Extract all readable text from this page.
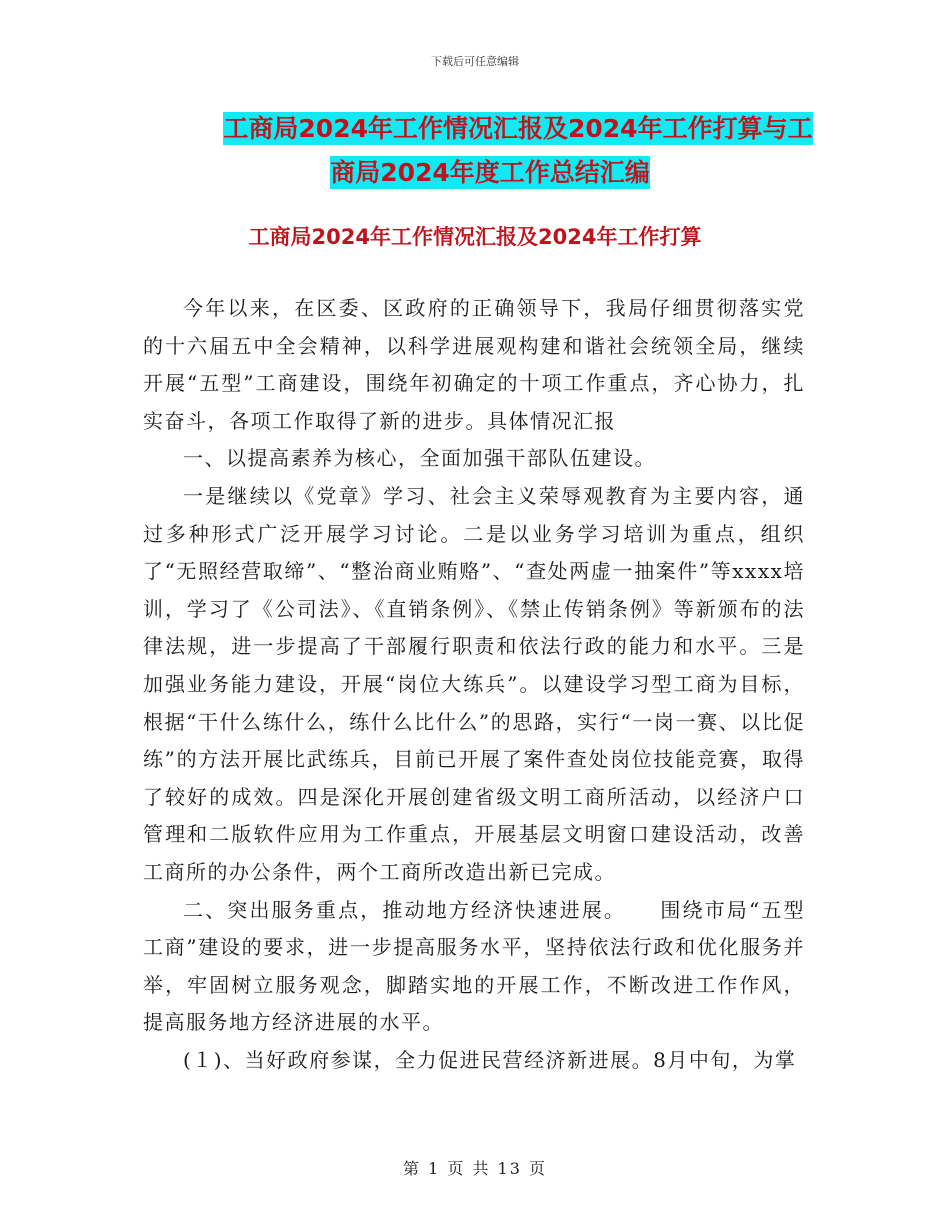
下载后可任意编辑
工商局2024年工作情况汇报及2024年工作打算与工
商局2024年度工作总结汇编
工商局2024年工作情况汇报及2024年工作打算

今年以来，在区委、区政府的正确领导下，我局仔细贯彻落实党的十六届五中全会精神，以科学进展观构建和谐社会统领全局，继续开展“五型”工商建设，围绕年初确定的十项工作重点，齐心协力，扎实奋斗，各项工作取得了新的进步。具体情况汇报

一、以提高素养为核心，全面加强干部队伍建设。

一是继续以《党章》学习、社会主义荣辱观教育为主要内容，通过多种形式广泛开展学习讨论。二是以业务学习培训为重点，组织了“无照经营取缔”、“整治商业贿赂”、“查处两虚一抽案件”等xxxx培训，学习了《公司法》、《直销条例》、《禁止传销条例》等新颁布的法律法规，进一步提高了干部履行职责和依法行政的能力和水平。三是加强业务能力建设，开展“岗位大练兵”。以建设学习型工商为目标，根据“干什么练什么，练什么比什么”的思路，实行“一岗一赛、以比促练”的方法开展比武练兵，目前已开展了案件查处岗位技能竞赛，取得了较好的成效。四是深化开展创建省级文明工商所活动，以经济户口管理和二版软件应用为工作重点，开展基层文明窗口建设活动，改善工商所的办公条件，两个工商所改造出新已完成。

二、突出服务重点，推动地方经济快速进展。　　围绕市局“五型工商”建设的要求，进一步提高服务水平，坚持依法行政和优化服务并举，牢固树立服务观念，脚踏实地的开展工作，不断改进工作作风，提高服务地方经济进展的水平。

(１)、当好政府参谋，全力促进民营经济新进展。8月中旬，为掌

第 1 页 共 13 页
